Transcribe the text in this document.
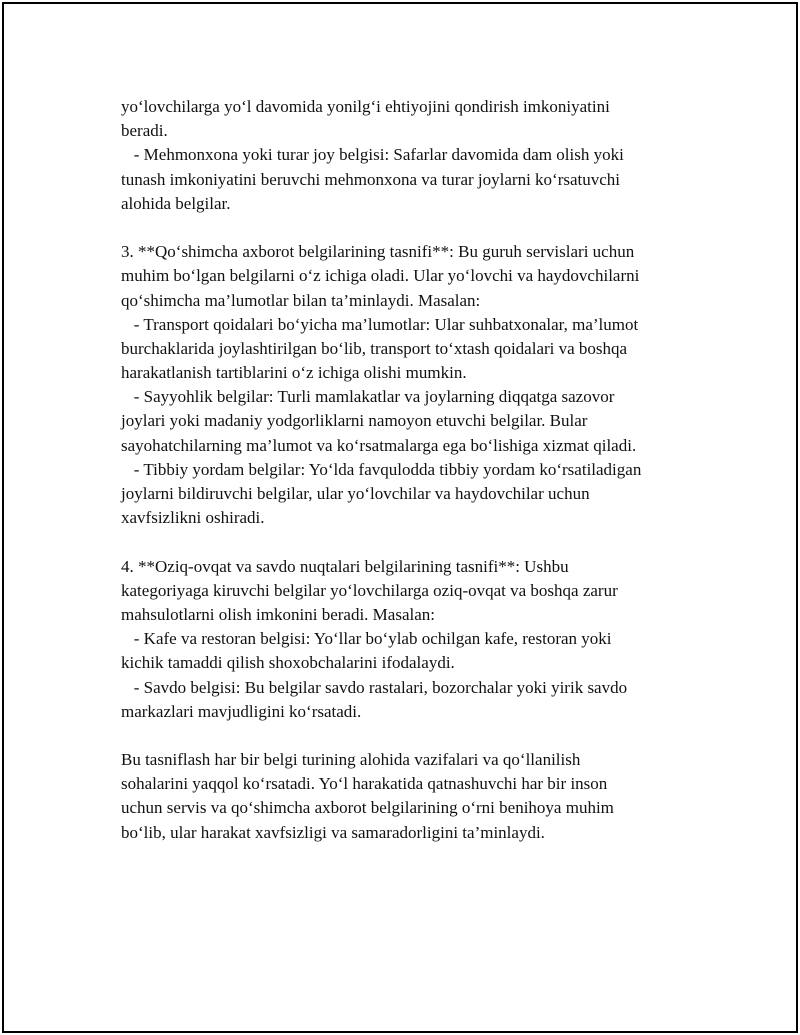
yo‘lovchilarga yo‘l davomida yonilg‘i ehtiyojini qondirish imkoniyatini
beradi.
- Mehmonxona yoki turar joy belgisi: Safarlar davomida dam olish yoki
tunash imkoniyatini beruvchi mehmonxona va turar joylarni ko‘rsatuvchi
alohida belgilar.
3. **Qo‘shimcha axborot belgilarining tasnifi**: Bu guruh servislari uchun
muhim bo‘lgan belgilarni o‘z ichiga oladi. Ular yo‘lovchi va haydovchilarni
qo‘shimcha ma’lumotlar bilan ta’minlaydi. Masalan:
- Transport qoidalari bo‘yicha ma’lumotlar: Ular suhbatxonalar, ma’lumot
burchaklarida joylashtirilgan bo‘lib, transport to‘xtash qoidalari va boshqa
harakatlanish tartiblarini o‘z ichiga olishi mumkin.
- Sayyohlik belgilar: Turli mamlakatlar va joylarning diqqatga sazovor
joylari yoki madaniy yodgorliklarni namoyon etuvchi belgilar. Bular
sayohatchilarning ma’lumot va ko‘rsatmalarga ega bo‘lishiga xizmat qiladi.
- Tibbiy yordam belgilar: Yo‘lda favqulodda tibbiy yordam ko‘rsatiladigan
joylarni bildiruvchi belgilar, ular yo‘lovchilar va haydovchilar uchun
xavfsizlikni oshiradi.
4. **Oziq-ovqat va savdo nuqtalari belgilarining tasnifi**: Ushbu
kategoriyaga kiruvchi belgilar yo‘lovchilarga oziq-ovqat va boshqa zarur
mahsulotlarni olish imkonini beradi. Masalan:
- Kafe va restoran belgisi: Yo‘llar bo‘ylab ochilgan kafe, restoran yoki
kichik tamaddi qilish shoxobchalarini ifodalaydi.
- Savdo belgisi: Bu belgilar savdo rastalari, bozorchalar yoki yirik savdo
markazlari mavjudligini ko‘rsatadi.
Bu tasniflash har bir belgi turining alohida vazifalari va qo‘llanilish
sohalarini yaqqol ko‘rsatadi. Yo‘l harakatida qatnashuvchi har bir inson
uchun servis va qo‘shimcha axborot belgilarining o‘rni benihoya muhim
bo‘lib, ular harakat xavfsizligi va samaradorligini ta’minlaydi.
